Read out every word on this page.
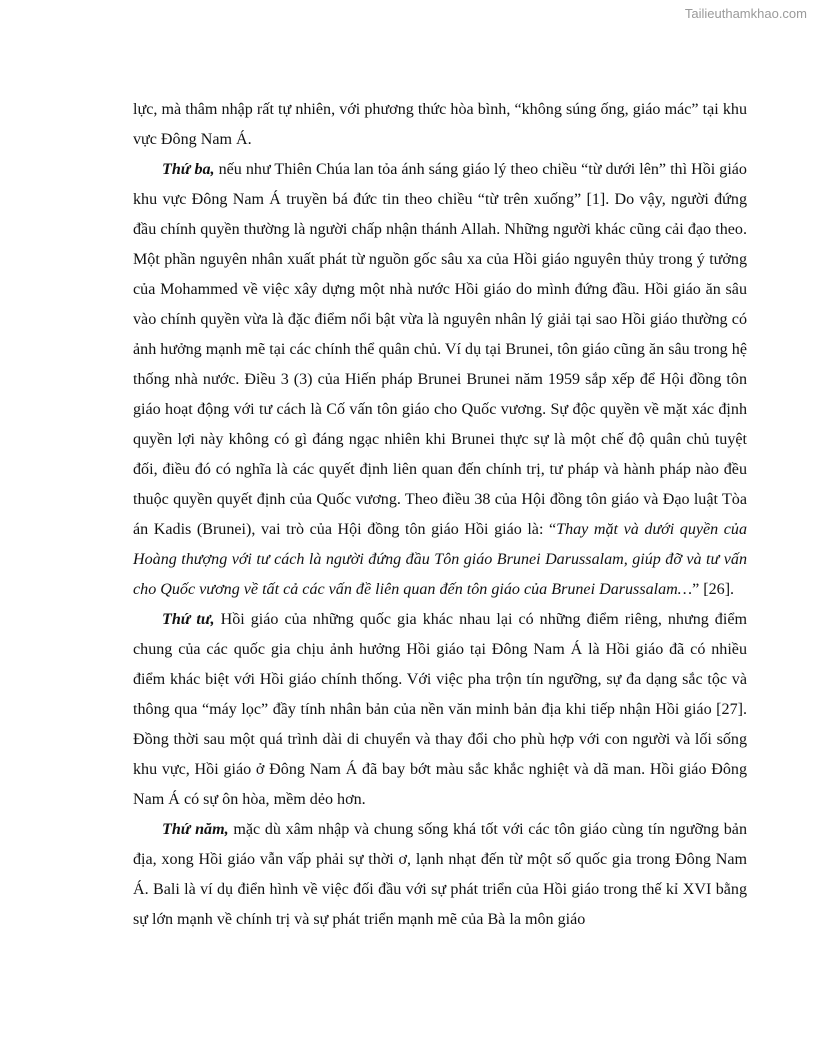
Tailieuthamkhao.com

lực, mà thâm nhập rất tự nhiên, với phương thức hòa bình, “không súng ống, giáo mác” tại khu vực Đông Nam Á.

Thứ ba, nếu như Thiên Chúa lan tỏa ánh sáng giáo lý theo chiều “từ dưới lên” thì Hồi giáo khu vực Đông Nam Á truyền bá đức tin theo chiều “từ trên xuống” [1]. Do vậy, người đứng đầu chính quyền thường là người chấp nhận thánh Allah. Những người khác cũng cải đạo theo. Một phần nguyên nhân xuất phát từ nguồn gốc sâu xa của Hồi giáo nguyên thủy trong ý tưởng của Mohammed về việc xây dựng một nhà nước Hồi giáo do mình đứng đầu. Hồi giáo ăn sâu vào chính quyền vừa là đặc điểm nổi bật vừa là nguyên nhân lý giải tại sao Hồi giáo thường có ảnh hưởng mạnh mẽ tại các chính thể quân chủ. Ví dụ tại Brunei, tôn giáo cũng ăn sâu trong hệ thống nhà nước. Điều 3 (3) của Hiến pháp Brunei Brunei năm 1959 sắp xếp để Hội đồng tôn giáo hoạt động với tư cách là Cố vấn tôn giáo cho Quốc vương. Sự độc quyền về mặt xác định quyền lợi này không có gì đáng ngạc nhiên khi Brunei thực sự là một chế độ quân chủ tuyệt đối, điều đó có nghĩa là các quyết định liên quan đến chính trị, tư pháp và hành pháp nào đều thuộc quyền quyết định của Quốc vương. Theo điều 38 của Hội đồng tôn giáo và Đạo luật Tòa án Kadis (Brunei), vai trò của Hội đồng tôn giáo Hồi giáo là: “Thay mặt và dưới quyền của Hoàng thượng với tư cách là người đứng đầu Tôn giáo Brunei Darussalam, giúp đỡ và tư vấn cho Quốc vương về tất cả các vấn đề liên quan đến tôn giáo của Brunei Darussalam…” [26].

Thứ tư, Hồi giáo của những quốc gia khác nhau lại có những điểm riêng, nhưng điểm chung của các quốc gia chịu ảnh hưởng Hồi giáo tại Đông Nam Á là Hồi giáo đã có nhiều điểm khác biệt với Hồi giáo chính thống. Với việc pha trộn tín ngưỡng, sự đa dạng sắc tộc và thông qua “máy lọc” đầy tính nhân bản của nền văn minh bản địa khi tiếp nhận Hồi giáo [27]. Đồng thời sau một quá trình dài di chuyển và thay đổi cho phù hợp với con người và lối sống khu vực, Hồi giáo ở Đông Nam Á đã bay bớt màu sắc khắc nghiệt và dã man. Hồi giáo Đông Nam Á có sự ôn hòa, mềm dẻo hơn.

Thứ năm, mặc dù xâm nhập và chung sống khá tốt với các tôn giáo cùng tín ngưỡng bản địa, xong Hồi giáo vẫn vấp phải sự thời ơ, lạnh nhạt đến từ một số quốc gia trong Đông Nam Á. Bali là ví dụ điển hình về việc đối đầu với sự phát triển của Hồi giáo trong thế kỉ XVI bằng sự lớn mạnh về chính trị và sự phát triển mạnh mẽ của Bà la môn giáo
